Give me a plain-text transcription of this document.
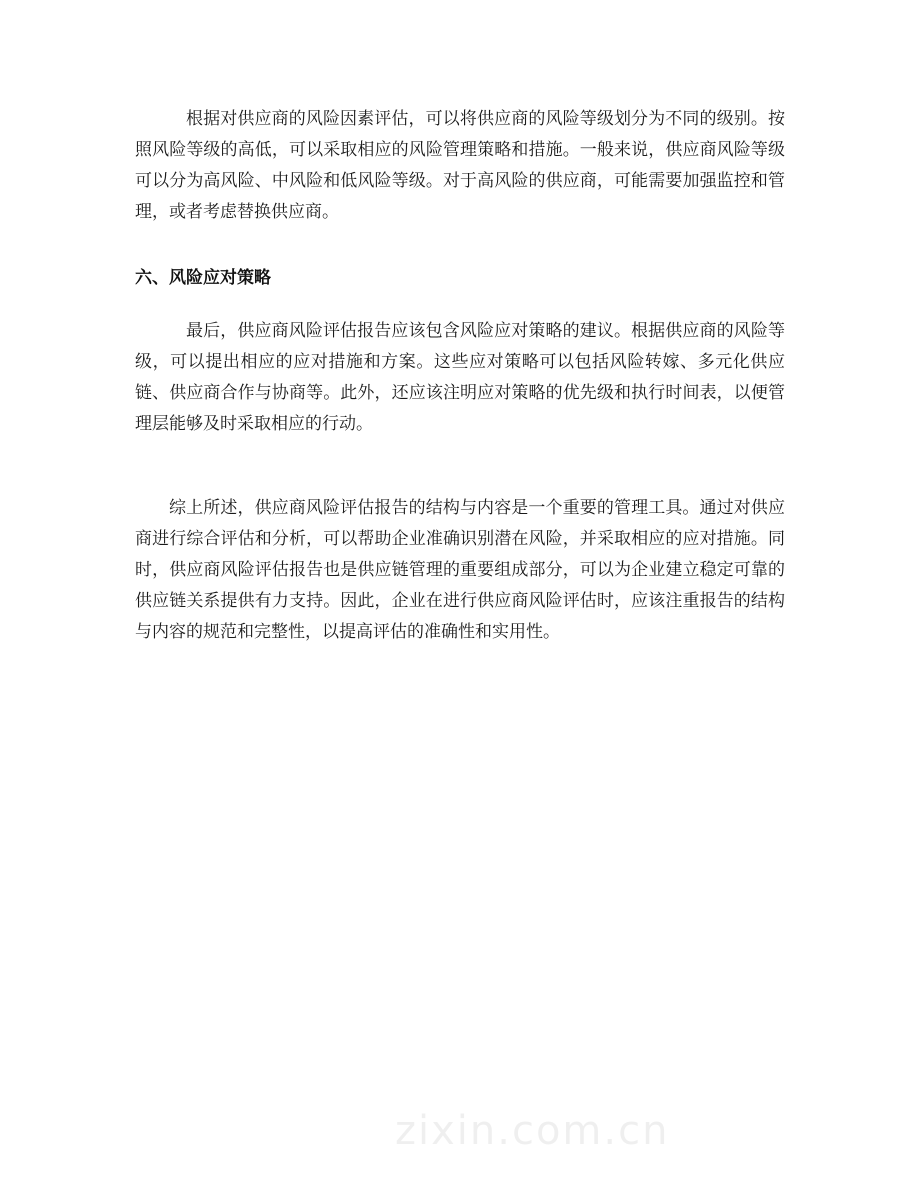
根据对供应商的风险因素评估，可以将供应商的风险等级划分为不同的级别。按照风险等级的高低，可以采取相应的风险管理策略和措施。一般来说，供应商风险等级可以分为高风险、中风险和低风险等级。对于高风险的供应商，可能需要加强监控和管理，或者考虑替换供应商。

六、风险应对策略

最后，供应商风险评估报告应该包含风险应对策略的建议。根据供应商的风险等级，可以提出相应的应对措施和方案。这些应对策略可以包括风险转嫁、多元化供应链、供应商合作与协商等。此外，还应该注明应对策略的优先级和执行时间表，以便管理层能够及时采取相应的行动。

综上所述，供应商风险评估报告的结构与内容是一个重要的管理工具。通过对供应商进行综合评估和分析，可以帮助企业准确识别潜在风险，并采取相应的应对措施。同时，供应商风险评估报告也是供应链管理的重要组成部分，可以为企业建立稳定可靠的供应链关系提供有力支持。因此，企业在进行供应商风险评估时，应该注重报告的结构与内容的规范和完整性，以提高评估的准确性和实用性。

zixin.com.cn
